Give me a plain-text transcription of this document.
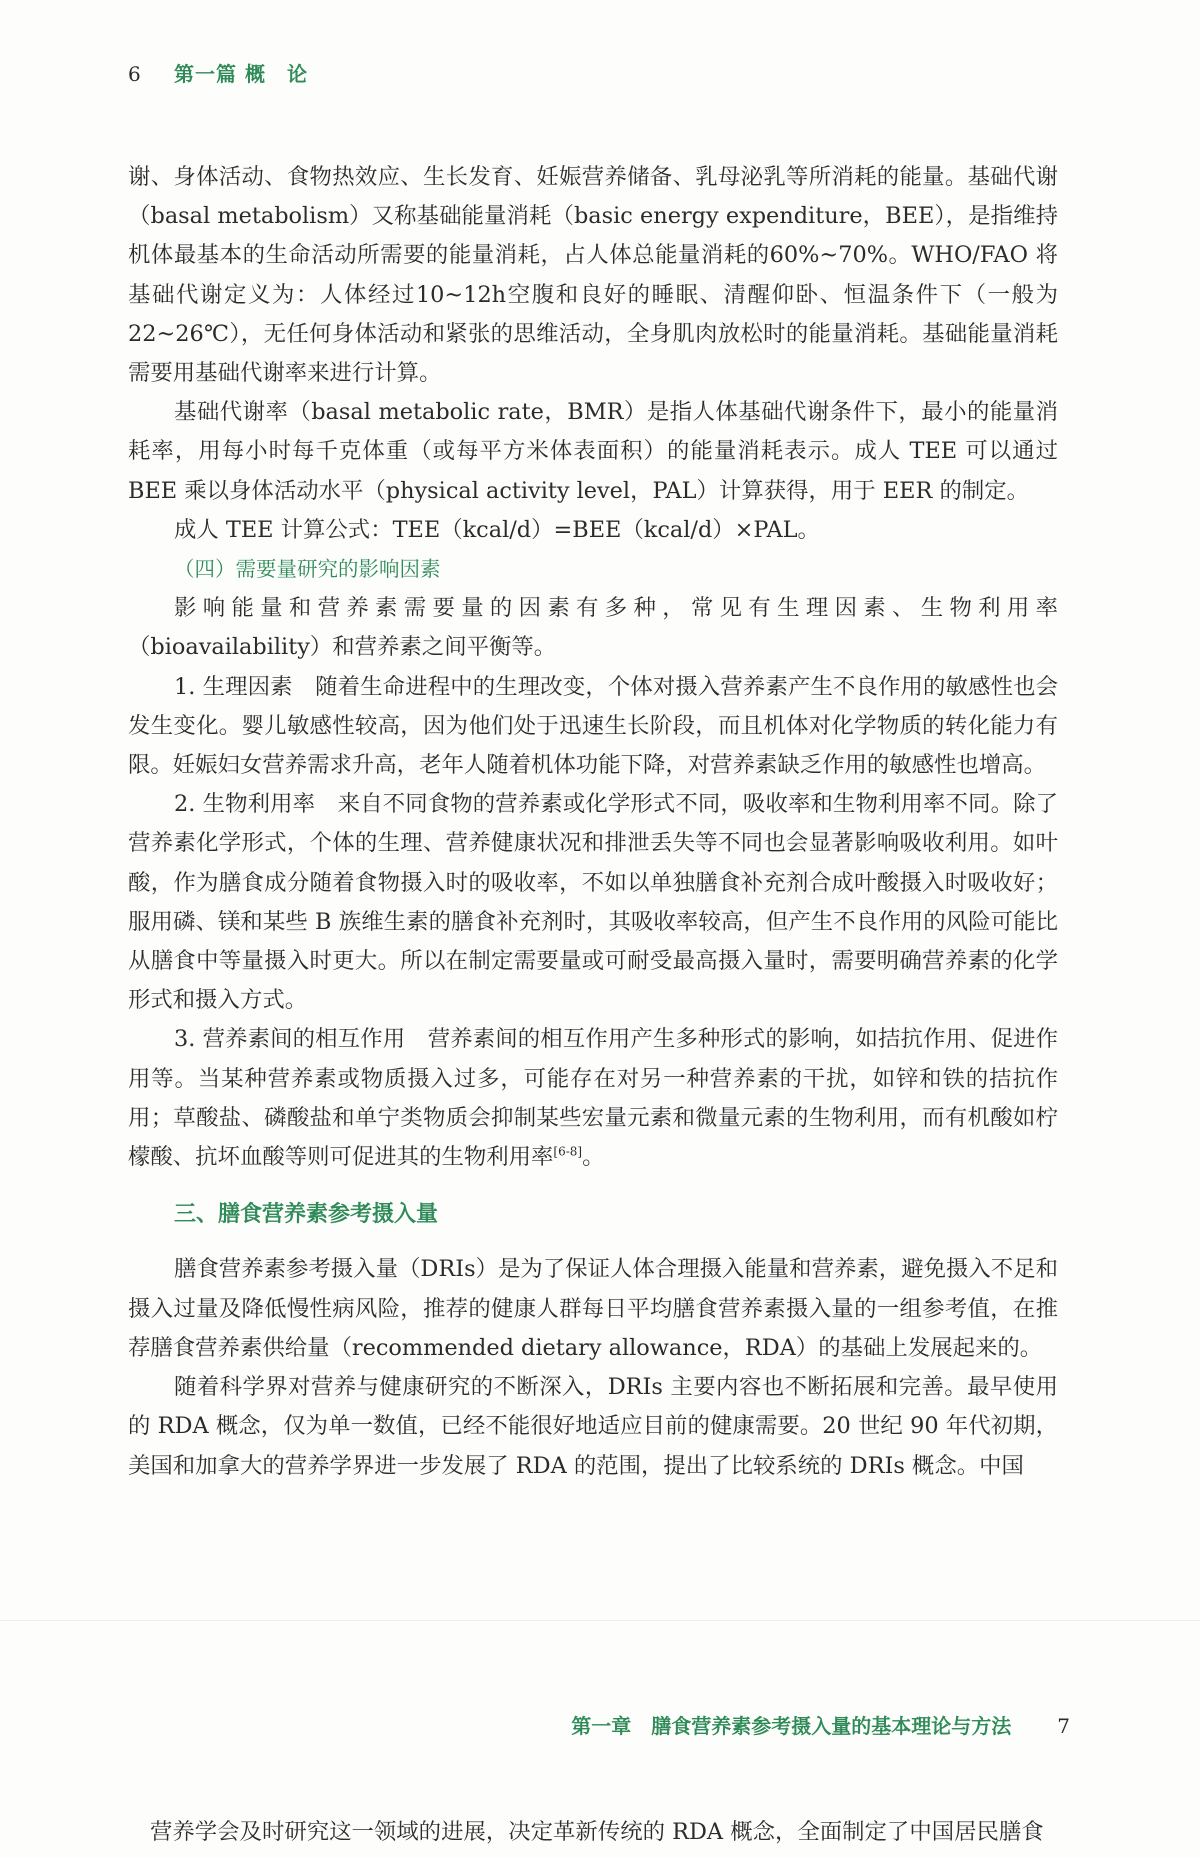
6 第一篇 概　论

谢、身体活动、食物热效应、生长发育、妊娠营养储备、乳母泌乳等所消耗的能量。基础代谢（basal metabolism）又称基础能量消耗（basic energy expenditure，BEE），是指维持机体最基本的生命活动所需要的能量消耗，占人体总能量消耗的60%~70%。WHO/FAO 将基础代谢定义为：人体经过10~12h空腹和良好的睡眠、清醒仰卧、恒温条件下（一般为22~26℃），无任何身体活动和紧张的思维活动，全身肌肉放松时的能量消耗。基础能量消耗需要用基础代谢率来进行计算。

基础代谢率（basal metabolic rate，BMR）是指人体基础代谢条件下，最小的能量消耗率，用每小时每千克体重（或每平方米体表面积）的能量消耗表示。成人 TEE 可以通过 BEE 乘以身体活动水平（physical activity level，PAL）计算获得，用于 EER 的制定。

成人 TEE 计算公式：TEE（kcal/d）=BEE（kcal/d）×PAL。

（四）需要量研究的影响因素

影响能量和营养素需要量的因素有多种，常见有生理因素、生物利用率（bioavailability）和营养素之间平衡等。

1. 生理因素　随着生命进程中的生理改变，个体对摄入营养素产生不良作用的敏感性也会发生变化。婴儿敏感性较高，因为他们处于迅速生长阶段，而且机体对化学物质的转化能力有限。妊娠妇女营养需求升高，老年人随着机体功能下降，对营养素缺乏作用的敏感性也增高。

2. 生物利用率　来自不同食物的营养素或化学形式不同，吸收率和生物利用率不同。除了营养素化学形式，个体的生理、营养健康状况和排泄丢失等不同也会显著影响吸收利用。如叶酸，作为膳食成分随着食物摄入时的吸收率，不如以单独膳食补充剂合成叶酸摄入时吸收好；服用磷、镁和某些 B 族维生素的膳食补充剂时，其吸收率较高，但产生不良作用的风险可能比从膳食中等量摄入时更大。所以在制定需要量或可耐受最高摄入量时，需要明确营养素的化学形式和摄入方式。

3. 营养素间的相互作用　营养素间的相互作用产生多种形式的影响，如拮抗作用、促进作用等。当某种营养素或物质摄入过多，可能存在对另一种营养素的干扰，如锌和铁的拮抗作用；草酸盐、磷酸盐和单宁类物质会抑制某些宏量元素和微量元素的生物利用，而有机酸如柠檬酸、抗坏血酸等则可促进其的生物利用率[6-8]。

三、膳食营养素参考摄入量

膳食营养素参考摄入量（DRIs）是为了保证人体合理摄入能量和营养素，避免摄入不足和摄入过量及降低慢性病风险，推荐的健康人群每日平均膳食营养素摄入量的一组参考值，在推荐膳食营养素供给量（recommended dietary allowance，RDA）的基础上发展起来的。

随着科学界对营养与健康研究的不断深入，DRIs 主要内容也不断拓展和完善。最早使用的 RDA 概念，仅为单一数值，已经不能很好地适应目前的健康需要。20 世纪 90 年代初期，美国和加拿大的营养学界进一步发展了 RDA 的范围，提出了比较系统的 DRIs 概念。中国

第一章　膳食营养素参考摄入量的基本理论与方法 7
营养学会及时研究这一领域的进展，决定革新传统的 RDA 概念，全面制定了中国居民膳食
